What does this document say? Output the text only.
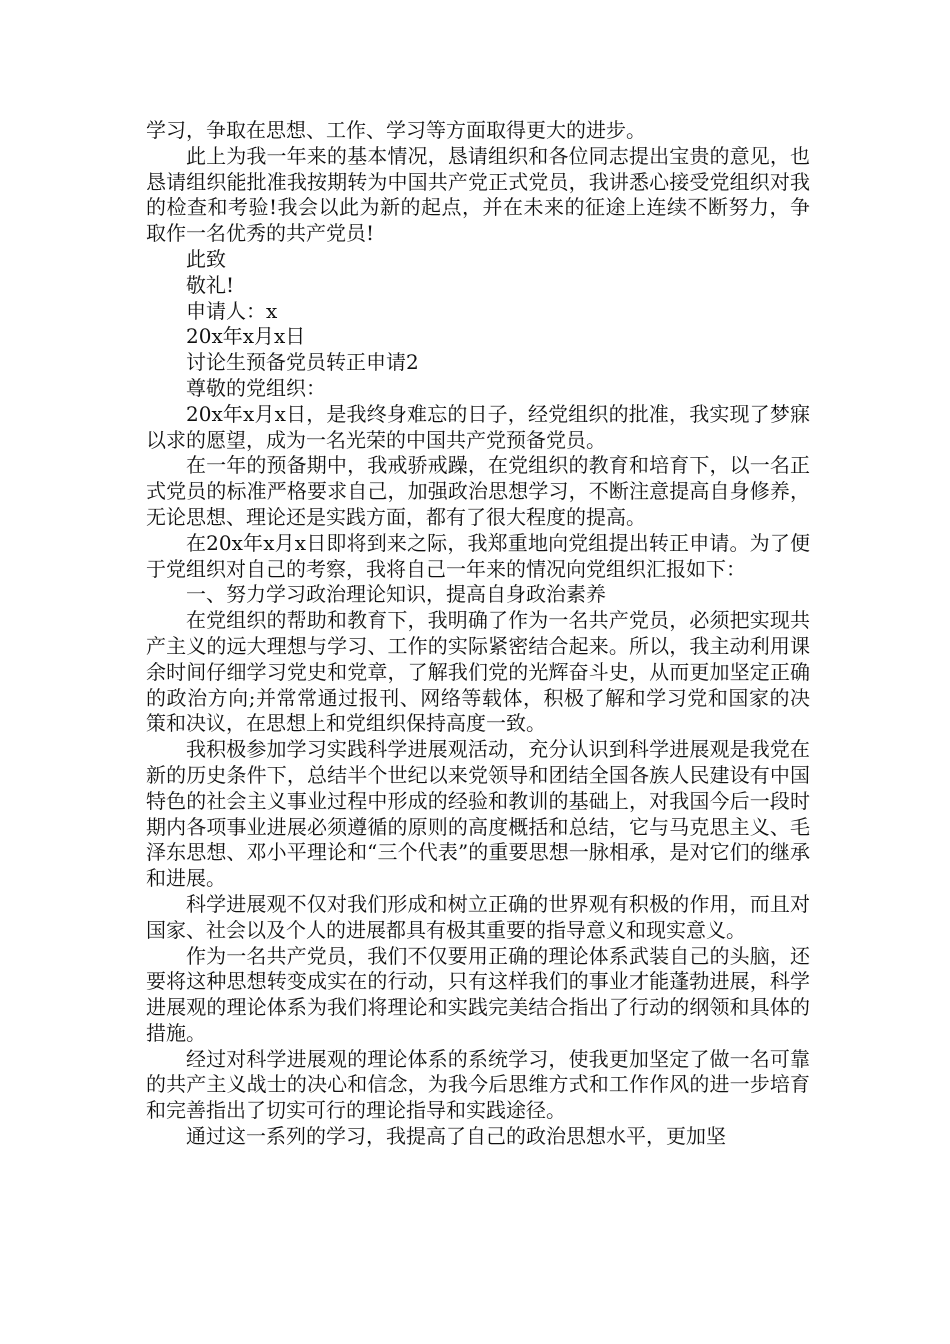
学习，争取在思想、工作、学习等方面取得更大的进步。

此上为我一年来的基本情况，恳请组织和各位同志提出宝贵的意见，也恳请组织能批准我按期转为中国共产党正式党员，我讲悉心接受党组织对我的检查和考验!我会以此为新的起点，并在未来的征途上连续不断努力，争取作一名优秀的共产党员!

此致

敬礼!

申请人：x

20x年x月x日

讨论生预备党员转正申请2

尊敬的党组织：

20x年x月x日，是我终身难忘的日子，经党组织的批准，我实现了梦寐以求的愿望，成为一名光荣的中国共产党预备党员。

在一年的预备期中，我戒骄戒躁，在党组织的教育和培育下，以一名正式党员的标准严格要求自己，加强政治思想学习，不断注意提高自身修养，无论思想、理论还是实践方面，都有了很大程度的提高。

在20x年x月x日即将到来之际，我郑重地向党组提出转正申请。为了便于党组织对自己的考察，我将自己一年来的情况向党组织汇报如下：

一、努力学习政治理论知识，提高自身政治素养

在党组织的帮助和教育下，我明确了作为一名共产党员，必须把实现共产主义的远大理想与学习、工作的实际紧密结合起来。所以，我主动利用课余时间仔细学习党史和党章，了解我们党的光辉奋斗史，从而更加坚定正确的政治方向;并常常通过报刊、网络等载体，积极了解和学习党和国家的决策和决议，在思想上和党组织保持高度一致。

我积极参加学习实践科学进展观活动，充分认识到科学进展观是我党在新的历史条件下，总结半个世纪以来党领导和团结全国各族人民建设有中国特色的社会主义事业过程中形成的经验和教训的基础上，对我国今后一段时期内各项事业进展必须遵循的原则的高度概括和总结，它与马克思主义、毛泽东思想、邓小平理论和“三个代表”的重要思想一脉相承，是对它们的继承和进展。

科学进展观不仅对我们形成和树立正确的世界观有积极的作用，而且对国家、社会以及个人的进展都具有极其重要的指导意义和现实意义。

作为一名共产党员，我们不仅要用正确的理论体系武装自己的头脑，还要将这种思想转变成实在的行动，只有这样我们的事业才能蓬勃进展，科学进展观的理论体系为我们将理论和实践完美结合指出了行动的纲领和具体的措施。

经过对科学进展观的理论体系的系统学习，使我更加坚定了做一名可靠的共产主义战士的决心和信念，为我今后思维方式和工作作风的进一步培育和完善指出了切实可行的理论指导和实践途径。

通过这一系列的学习，我提高了自己的政治思想水平，更加坚
